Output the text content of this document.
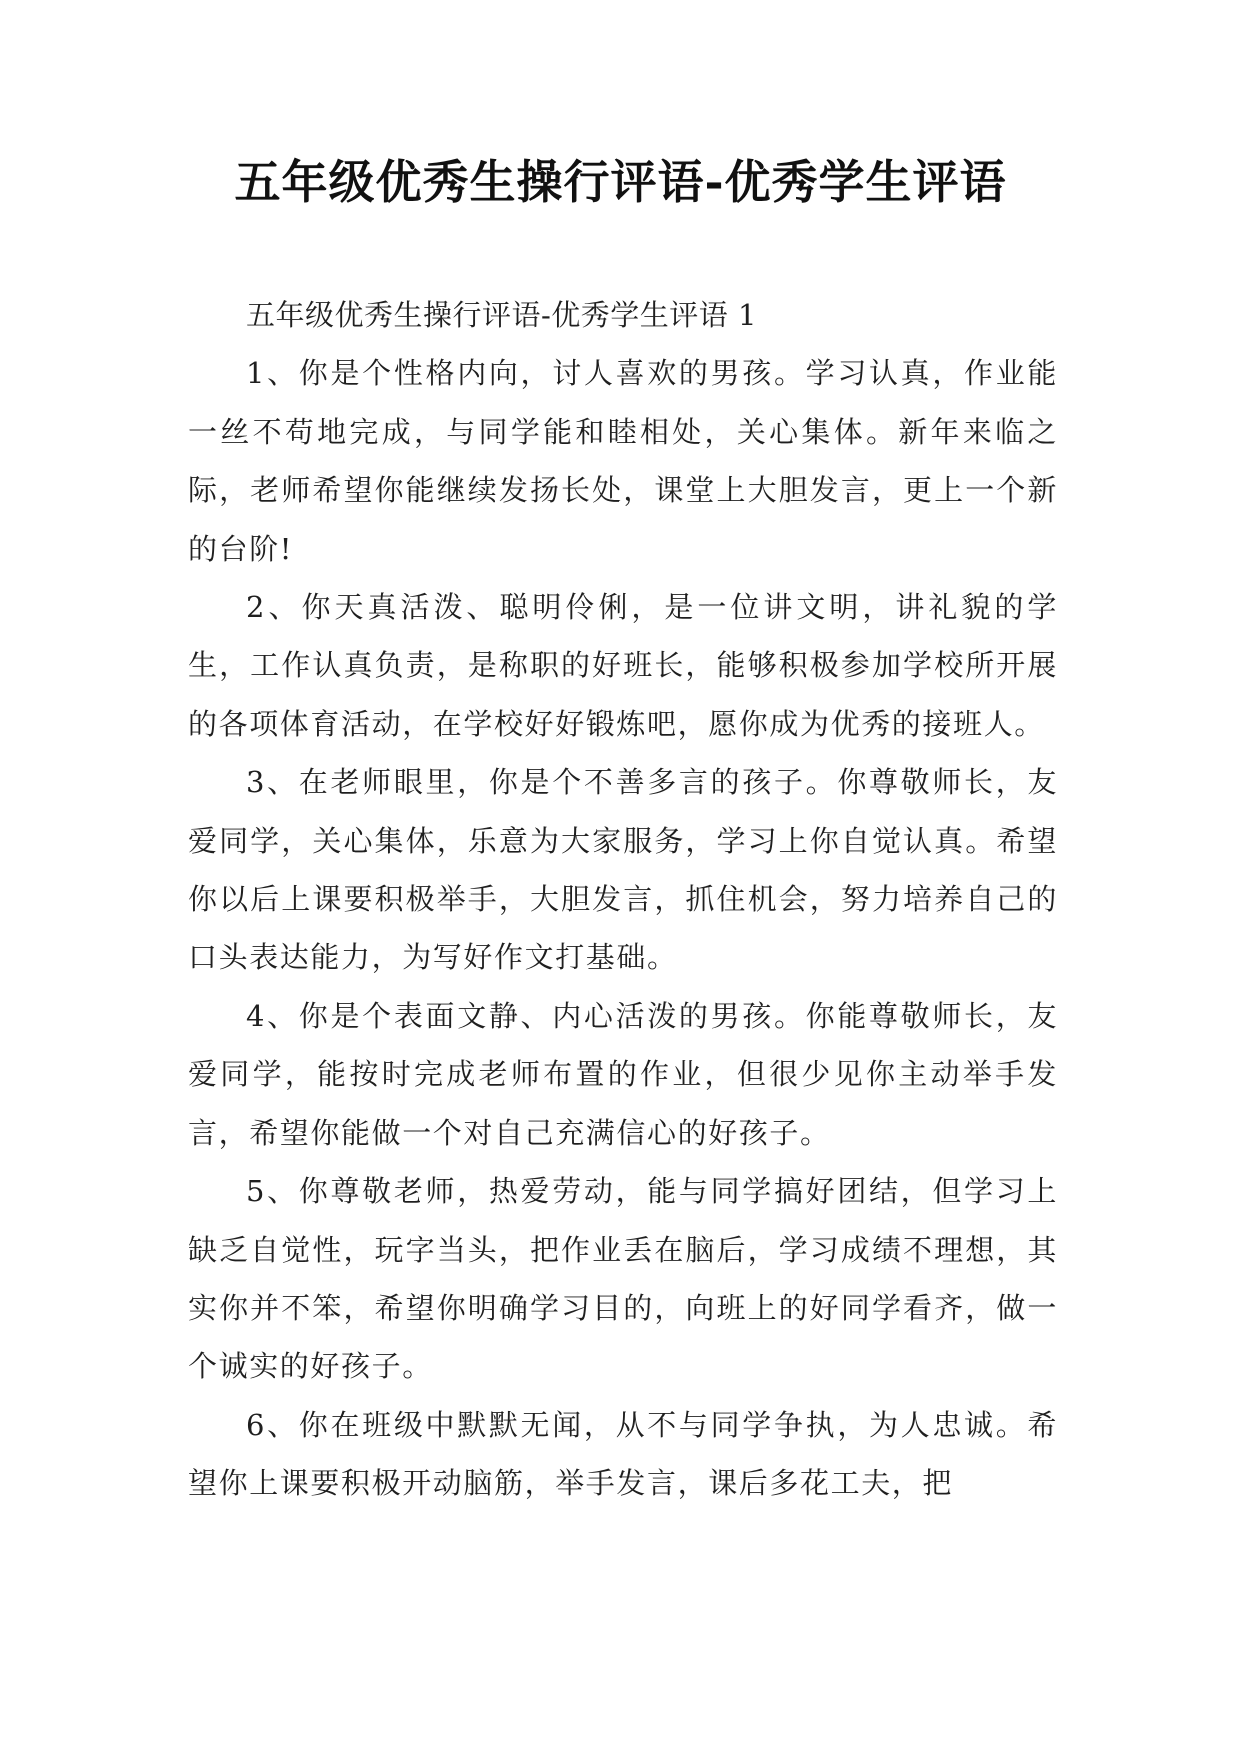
五年级优秀生操行评语-优秀学生评语

五年级优秀生操行评语-优秀学生评语 1

1、你是个性格内向，讨人喜欢的男孩。学习认真，作业能一丝不苟地完成，与同学能和睦相处，关心集体。新年来临之际，老师希望你能继续发扬长处，课堂上大胆发言，更上一个新的台阶!

2、你天真活泼、聪明伶俐，是一位讲文明，讲礼貌的学生，工作认真负责，是称职的好班长，能够积极参加学校所开展的各项体育活动，在学校好好锻炼吧，愿你成为优秀的接班人。

3、在老师眼里，你是个不善多言的孩子。你尊敬师长，友爱同学，关心集体，乐意为大家服务，学习上你自觉认真。希望你以后上课要积极举手，大胆发言，抓住机会，努力培养自己的口头表达能力，为写好作文打基础。

4、你是个表面文静、内心活泼的男孩。你能尊敬师长，友爱同学，能按时完成老师布置的作业，但很少见你主动举手发言，希望你能做一个对自己充满信心的好孩子。

5、你尊敬老师，热爱劳动，能与同学搞好团结，但学习上缺乏自觉性，玩字当头，把作业丢在脑后，学习成绩不理想，其实你并不笨，希望你明确学习目的，向班上的好同学看齐，做一个诚实的好孩子。

6、你在班级中默默无闻，从不与同学争执，为人忠诚。希望你上课要积极开动脑筋，举手发言，课后多花工夫，把
